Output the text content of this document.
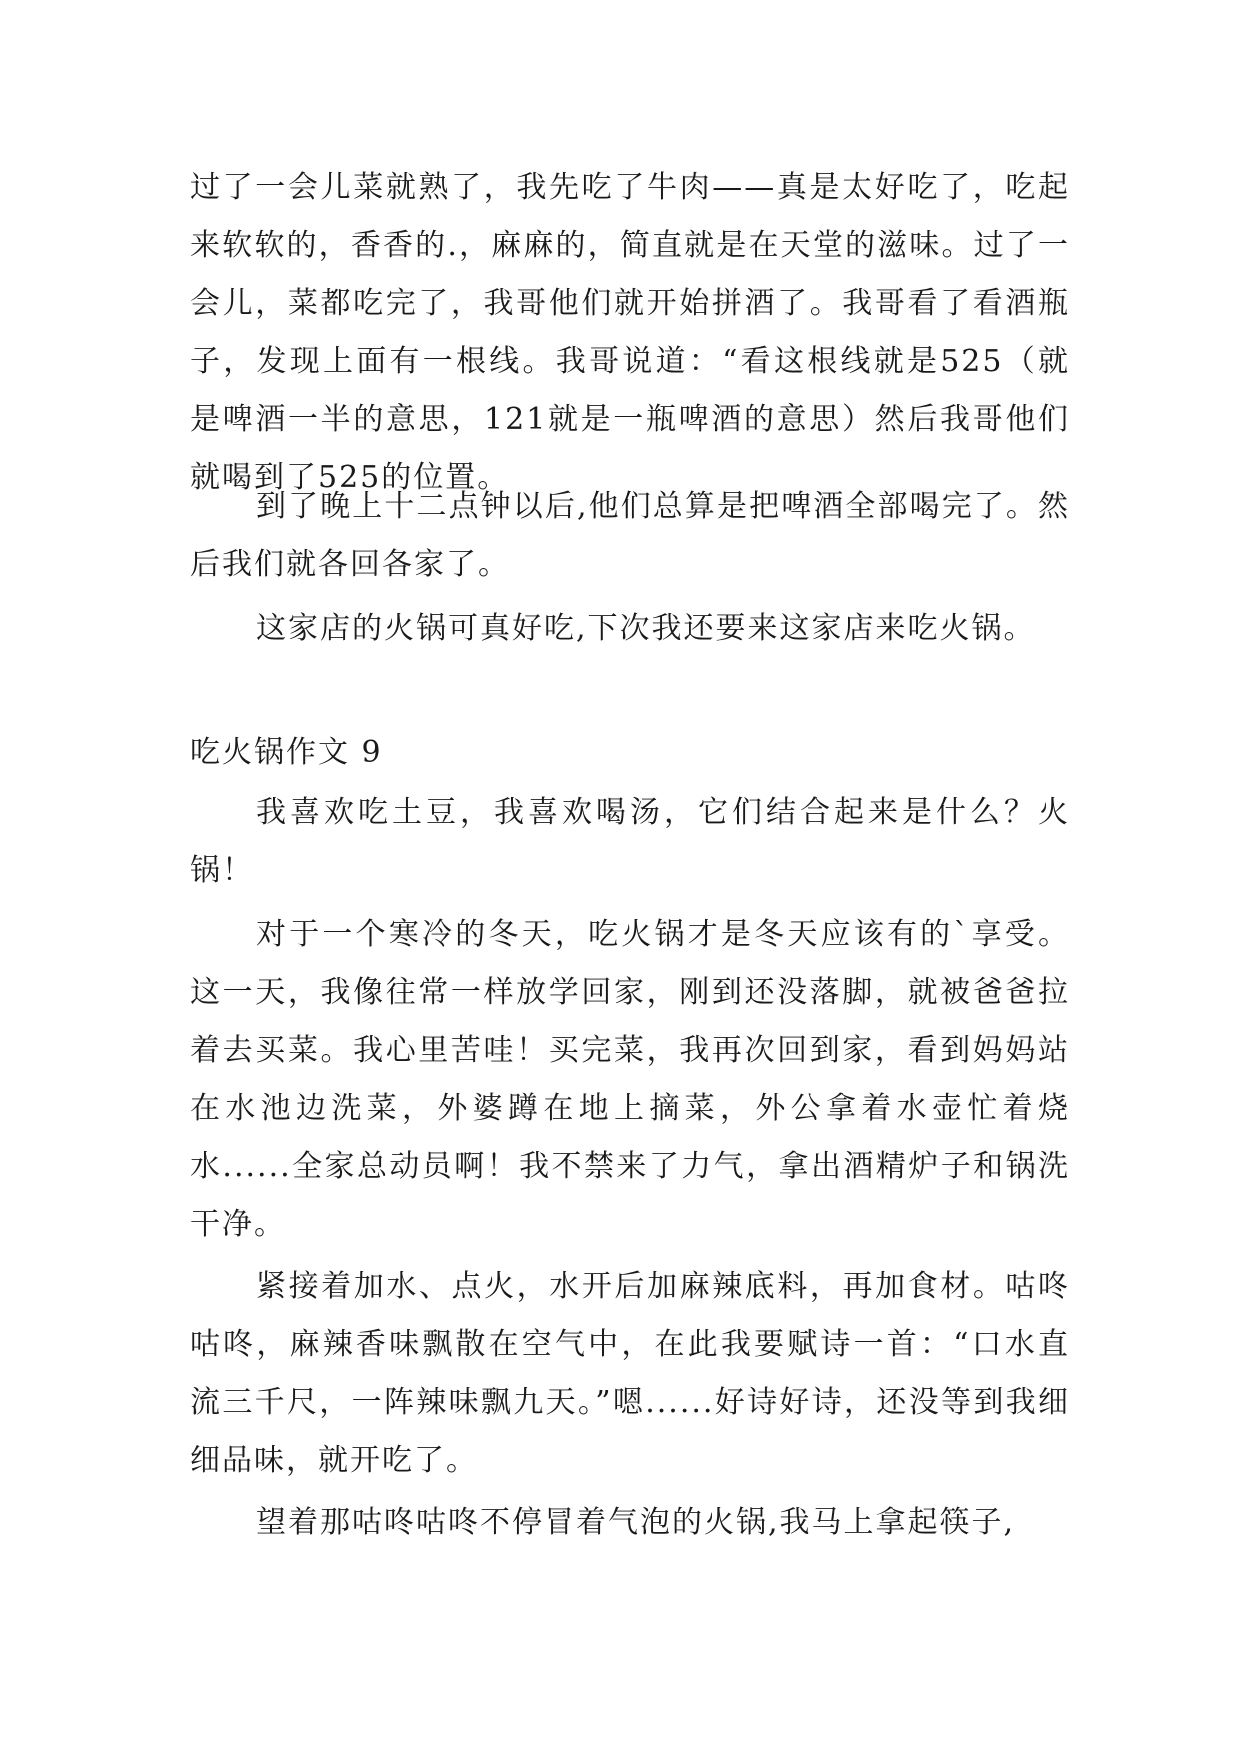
过了一会儿菜就熟了，我先吃了牛肉——真是太好吃了，吃起来软软的，香香的.，麻麻的，简直就是在天堂的滋味。过了一会儿，菜都吃完了，我哥他们就开始拼酒了。我哥看了看酒瓶子，发现上面有一根线。我哥说道：“看这根线就是525（就是啤酒一半的意思，121就是一瓶啤酒的意思）然后我哥他们就喝到了525的位置。

到了晚上十二点钟以后,他们总算是把啤酒全部喝完了。然后我们就各回各家了。

这家店的火锅可真好吃,下次我还要来这家店来吃火锅。

吃火锅作文 9

我喜欢吃土豆，我喜欢喝汤，它们结合起来是什么？火锅！

对于一个寒冷的冬天，吃火锅才是冬天应该有的`享受。这一天，我像往常一样放学回家，刚到还没落脚，就被爸爸拉着去买菜。我心里苦哇！买完菜，我再次回到家，看到妈妈站在水池边洗菜，外婆蹲在地上摘菜，外公拿着水壶忙着烧水......全家总动员啊！我不禁来了力气，拿出酒精炉子和锅洗干净。

紧接着加水、点火，水开后加麻辣底料，再加食材。咕咚咕咚，麻辣香味飘散在空气中，在此我要赋诗一首：“口水直流三千尺，一阵辣味飘九天。”嗯......好诗好诗，还没等到我细细品味，就开吃了。

望着那咕咚咕咚不停冒着气泡的火锅,我马上拿起筷子,
